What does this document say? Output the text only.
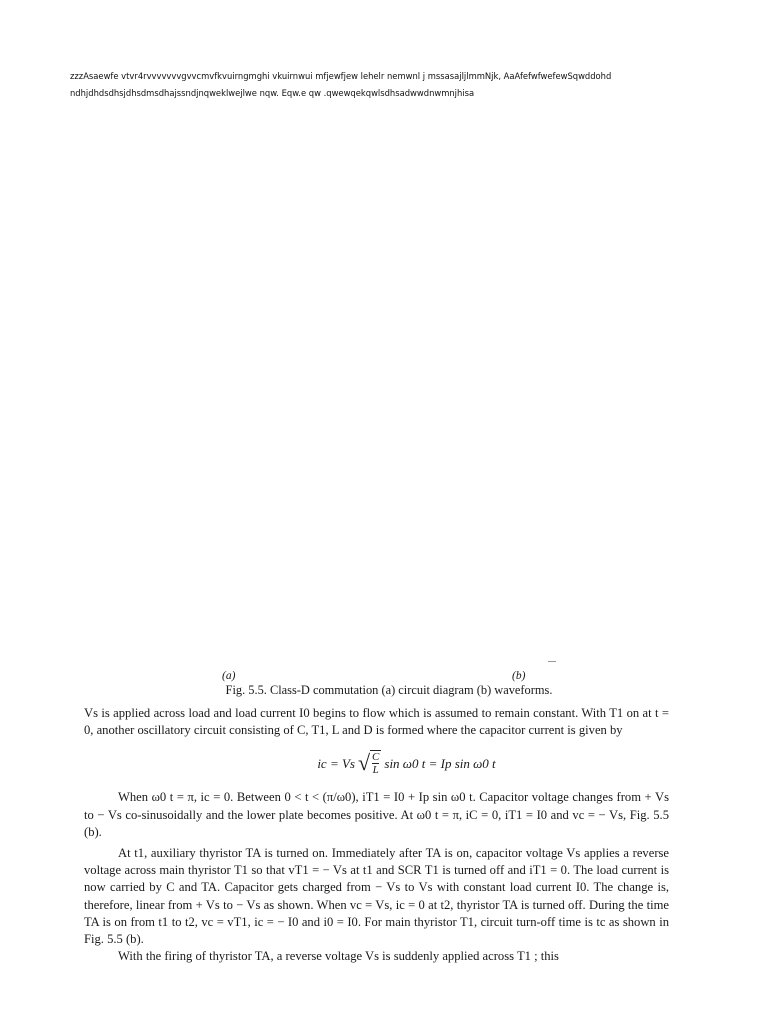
zzzAsaewfe vtvr4rvvvvvvvgvvcmvfkvuirngmghi vkuirnwui mfjewfjew lehelr nemwnl j mssasajljlmmNjk, AaAfefwfwefewSqwddohd
ndhjdhdsdhsjdhsdmsdhajssndjnqweklwejlwe nqw. Eqw.e qw .qwewqekqwlsdhsadwwdnwmnjhisa
(a)	(b)
Fig. 5.5. Class-D commutation (a) circuit diagram (b) waveforms.

Vs is applied across load and load current I0 begins to flow which is assumed to remain constant. With T1 on at t = 0, another oscillatory circuit consisting of C, T1, L and D is formed where the capacitor current is given by

ic = Vs √ $\frac{C}{L}$ sin ω0 t = Ip sin ω0 t

When ω0 t = π, ic = 0. Between 0 < t < (π/ω0), iT1 = I0 + Ip sin ω0 t. Capacitor voltage changes from + Vs to − Vs co-sinusoidally and the lower plate becomes positive. At ω0 t = π, iC = 0, iT1 = I0 and vc = − Vs, Fig. 5.5 (b).

At t1, auxiliary thyristor TA is turned on. Immediately after TA is on, capacitor voltage Vs applies a reverse voltage across main thyristor T1 so that vT1 = − Vs at t1 and SCR T1 is turned off and iT1 = 0. The load current is now carried by C and TA. Capacitor gets charged from − Vs to Vs with constant load current I0. The change is, therefore, linear from + Vs to − Vs as shown. When vc = Vs, ic = 0 at t2, thyristor TA is turned off. During the time TA is on from t1 to t2, vc = vT1, ic = − I0 and i0 = I0. For main thyristor T1, circuit turn-off time is tc as shown in Fig. 5.5 (b).

With the firing of thyristor TA, a reverse voltage Vs is suddenly applied across T1 ; this
